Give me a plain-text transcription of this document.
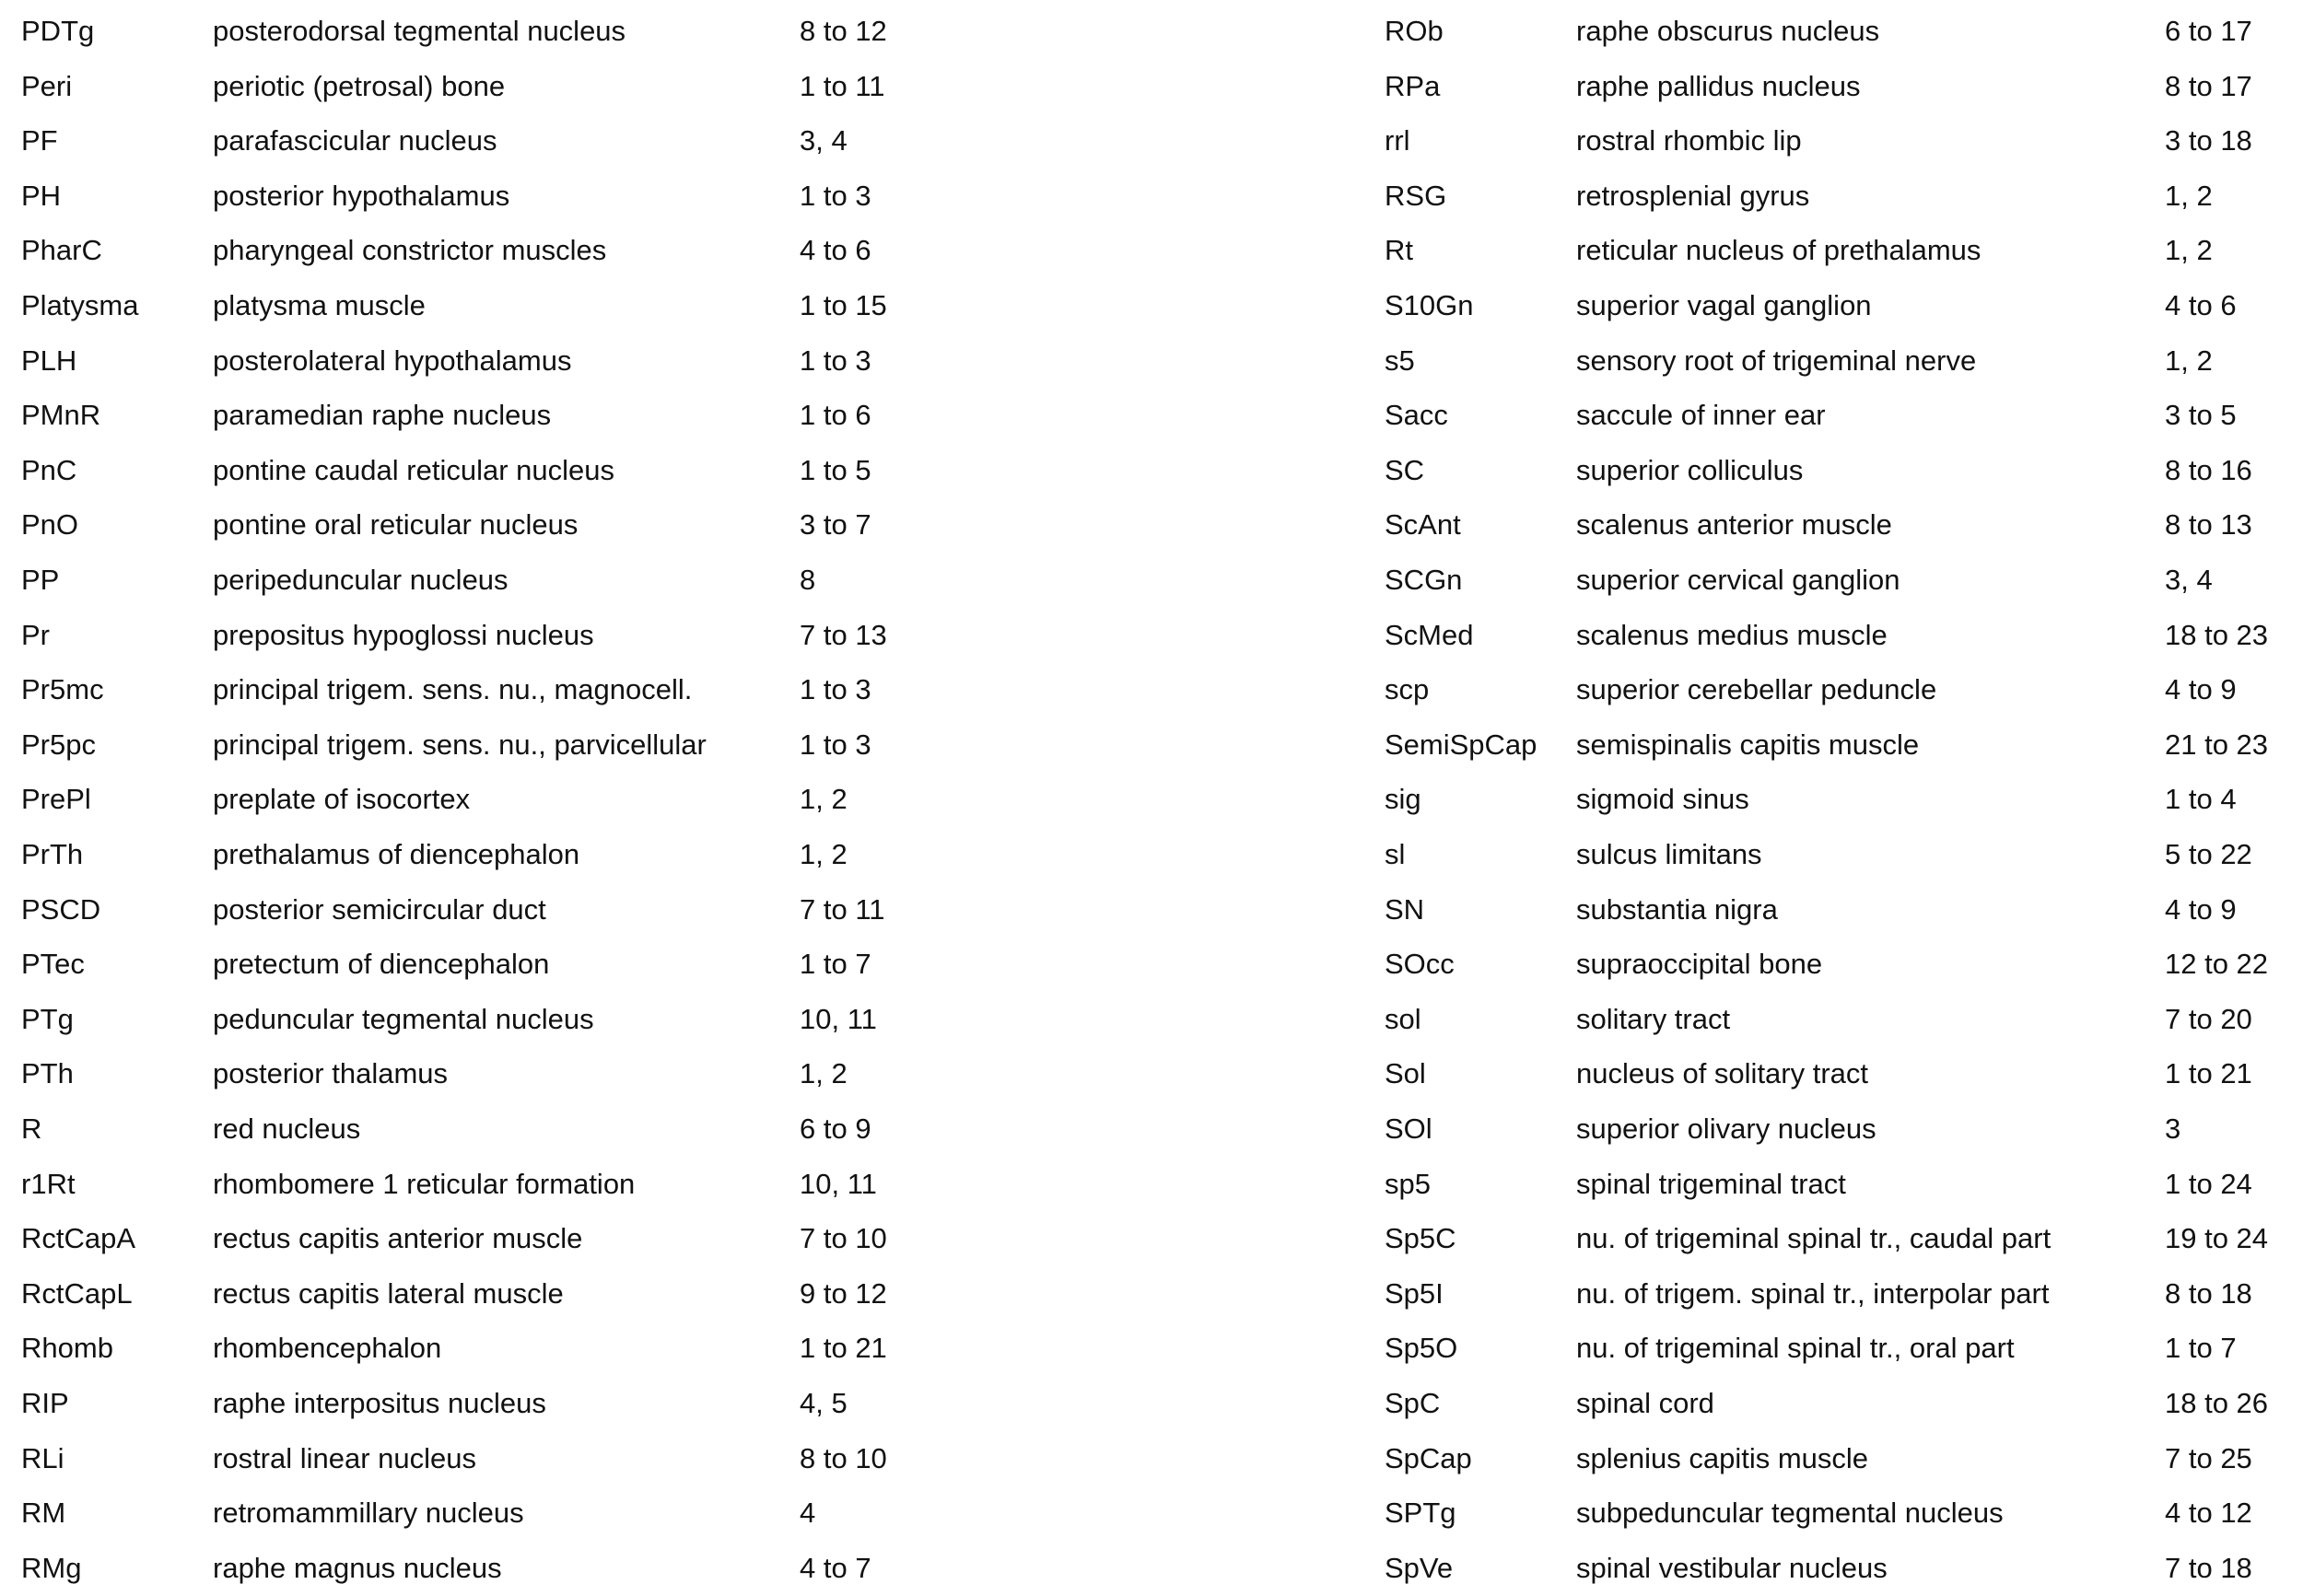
PDTg	posterodorsal tegmental nucleus	8 to 12
Peri	periotic (petrosal) bone	1 to 11
PF	parafascicular nucleus	3, 4
PH	posterior hypothalamus	1 to 3
PharC	pharyngeal constrictor muscles	4 to 6
Platysma	platysma muscle	1 to 15
PLH	posterolateral hypothalamus	1 to 3
PMnR	paramedian raphe nucleus	1 to 6
PnC	pontine caudal reticular nucleus	1 to 5
PnO	pontine oral reticular nucleus	3 to 7
PP	peripeduncular nucleus	8
Pr	prepositus hypoglossi nucleus	7 to 13
Pr5mc	principal trigem. sens. nu., magnocell.	1 to 3
Pr5pc	principal trigem. sens. nu., parvicellular	1 to 3
PrePl	preplate of isocortex	1, 2
PrTh	prethalamus of diencephalon	1, 2
PSCD	posterior semicircular duct	7 to 11
PTec	pretectum of diencephalon	1 to 7
PTg	peduncular tegmental nucleus	10, 11
PTh	posterior thalamus	1, 2
R	red nucleus	6 to 9
r1Rt	rhombomere 1 reticular formation	10, 11
RctCapA	rectus capitis anterior muscle	7 to 10
RctCapL	rectus capitis lateral muscle	9 to 12
Rhomb	rhombencephalon	1 to 21
RIP	raphe interpositus nucleus	4, 5
RLi	rostral linear nucleus	8 to 10
RM	retromammillary nucleus	4
RMg	raphe magnus nucleus	4 to 7
ROb	raphe obscurus nucleus	6 to 17
RPa	raphe pallidus nucleus	8 to 17
rrl	rostral rhombic lip	3 to 18
RSG	retrosplenial gyrus	1, 2
Rt	reticular nucleus of prethalamus	1, 2
S10Gn	superior vagal ganglion	4 to 6
s5	sensory root of trigeminal nerve	1, 2
Sacc	saccule of inner ear	3 to 5
SC	superior colliculus	8 to 16
ScAnt	scalenus anterior muscle	8 to 13
SCGn	superior cervical ganglion	3, 4
ScMed	scalenus medius muscle	18 to 23
scp	superior cerebellar peduncle	4 to 9
SemiSpCap semispinalis capitis muscle	21 to 23
sig	sigmoid sinus	1 to 4
sl	sulcus limitans	5 to 22
SN	substantia nigra	4 to 9
SOcc	supraoccipital bone	12 to 22
sol	solitary tract	7 to 20
Sol	nucleus of solitary tract	1 to 21
SOl	superior olivary nucleus	3
sp5	spinal trigeminal tract	1 to 24
Sp5C	nu. of trigeminal spinal tr., caudal part	19 to 24
Sp5I	nu. of trigem. spinal tr., interpolar part	8 to 18
Sp5O	nu. of trigeminal spinal tr., oral part	1 to 7
SpC	spinal cord	18 to 26
SpCap	splenius capitis muscle	7 to 25
SPTg	subpeduncular tegmental nucleus	4 to 12
SpVe	spinal vestibular nucleus	7 to 18
